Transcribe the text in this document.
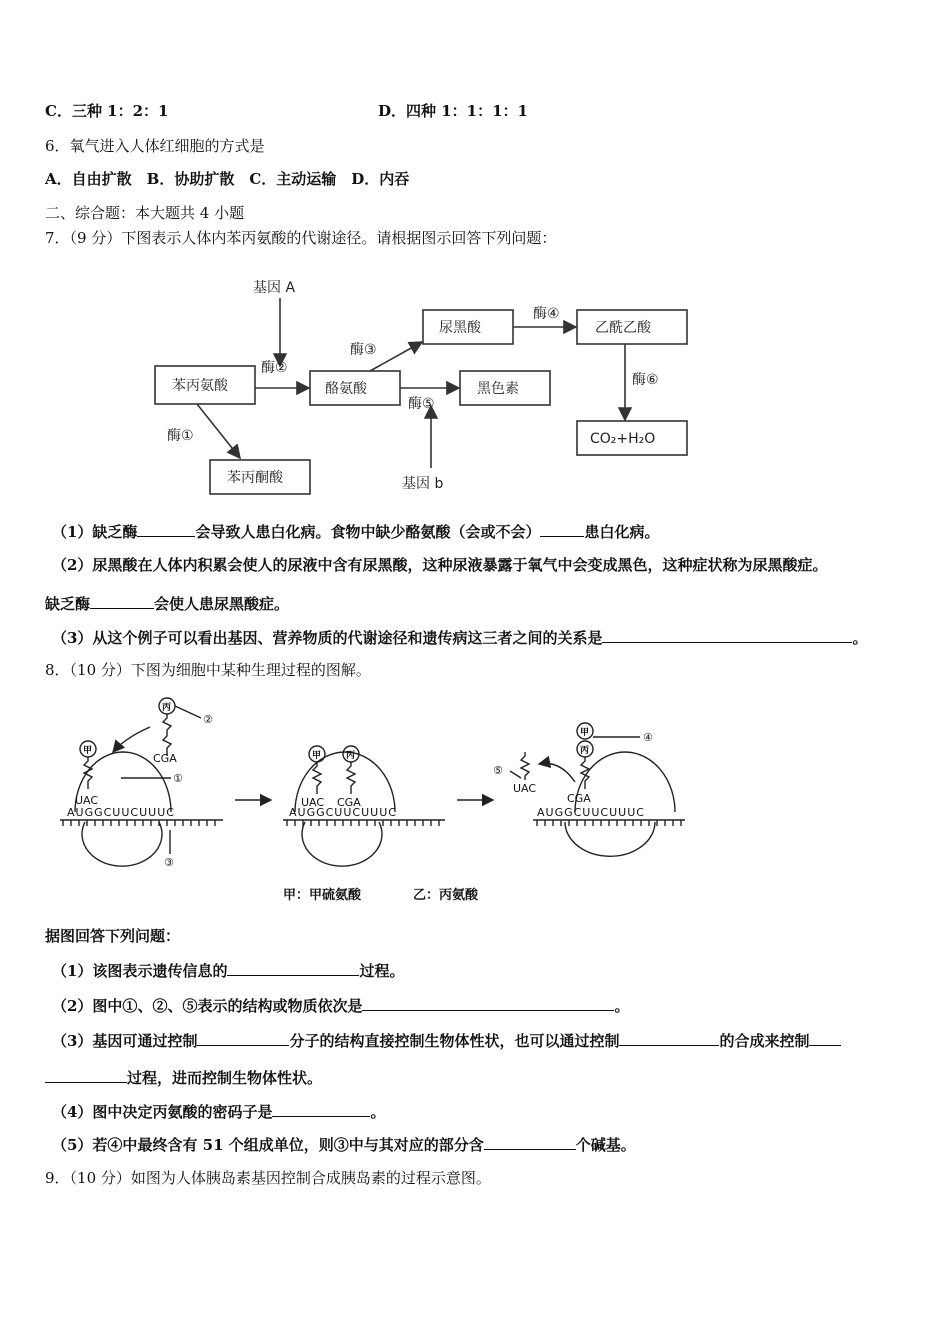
C．三种 1：2：1	D．四种 1：1：1：1
6．氧气进入人体红细胞的方式是
A．自由扩散　B．协助扩散　C．主动运输　D．内吞
二、综合题：本大题共 4 小题
7．（9 分）下图表示人体内苯丙氨酸的代谢途径。请根据图示回答下列问题：
基因 A
基因 b
苯丙氨酸	酪氨酸
尿黑酸	乙酰乙酸
黑色素
苯丙酮酸
CO₂+H₂O
酶①
酶②
酶③
酶④
酶⑤
酶⑥
（1）缺乏酶	会导致人患白化病。食物中缺少酪氨酸（会或不会）	患白化病。
（2）尿黑酸在人体内积累会使人的尿液中含有尿黑酸，这种尿液暴露于氧气中会变成黑色，这种症状称为尿黑酸症。
缺乏酶	会使人患尿黑酸症。
（3）从这个例子可以看出基因、营养物质的代谢途径和遗传病这三者之间的关系是	。
8．（10 分）下图为细胞中某种生理过程的图解。
甲
丙
②
①
③
UAC
CGA
AUGGCUUCUUUC
甲	丙
UAC CGA
AUGGCUUCUUUC
甲
丙
④
⑤
UAC
CGA
AUGGCUUCUUUC
甲：甲硫氨酸	乙：丙氨酸
据图回答下列问题：
（1）该图表示遗传信息的	过程。
（2）图中①、②、⑤表示的结构或物质依次是	。
（3）基因可通过控制	分子的结构直接控制生物体性状，也可以通过控制	的合成来控制
过程，进而控制生物体性状。
（4）图中决定丙氨酸的密码子是	。
（5）若④中最终含有 51 个组成单位，则③中与其对应的部分含	个碱基。
9．（10 分）如图为人体胰岛素基因控制合成胰岛素的过程示意图。
